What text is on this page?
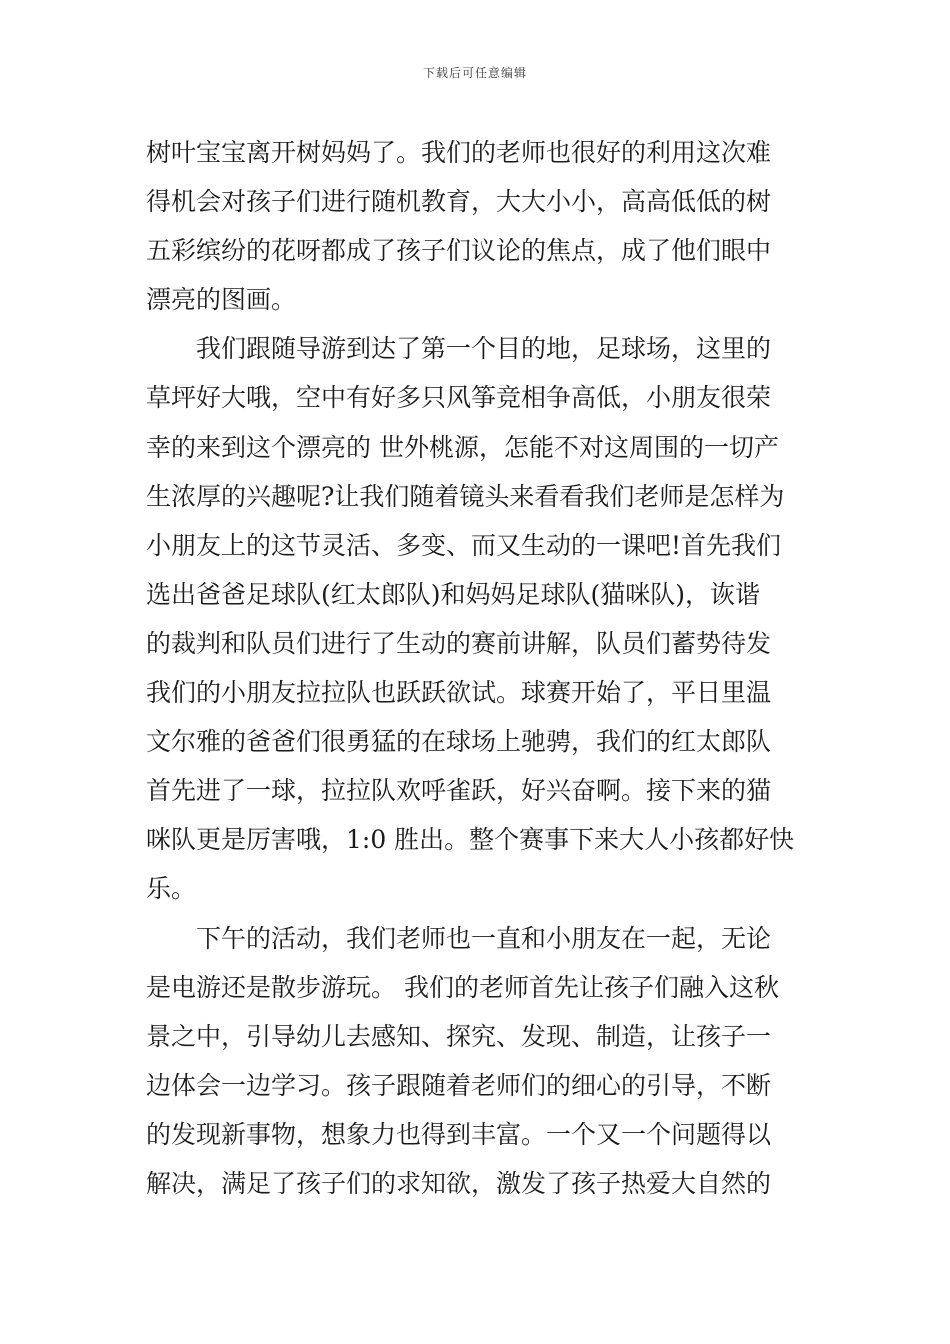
下载后可任意编辑
树叶宝宝离开树妈妈了。我们的老师也很好的利用这次难
得机会对孩子们进行随机教育，大大小小，高高低低的树
五彩缤纷的花呀都成了孩子们议论的焦点，成了他们眼中
漂亮的图画。
　　我们跟随导游到达了第一个目的地，足球场，这里的
草坪好大哦，空中有好多只风筝竞相争高低，小朋友很荣
幸的来到这个漂亮的 世外桃源，怎能不对这周围的一切产
生浓厚的兴趣呢?让我们随着镜头来看看我们老师是怎样为
小朋友上的这节灵活、多变、而又生动的一课吧!首先我们
选出爸爸足球队(红太郎队)和妈妈足球队(猫咪队)，诙谐
的裁判和队员们进行了生动的赛前讲解，队员们蓄势待发
我们的小朋友拉拉队也跃跃欲试。球赛开始了，平日里温
文尔雅的爸爸们很勇猛的在球场上驰骋，我们的红太郎队
首先进了一球，拉拉队欢呼雀跃，好兴奋啊。接下来的猫
咪队更是厉害哦，1:0 胜出。整个赛事下来大人小孩都好快
乐。
　　下午的活动，我们老师也一直和小朋友在一起，无论
是电游还是散步游玩。 我们的老师首先让孩子们融入这秋
景之中，引导幼儿去感知、探究、发现、制造，让孩子一
边体会一边学习。孩子跟随着老师们的细心的引导，不断
的发现新事物，想象力也得到丰富。一个又一个问题得以
解决，满足了孩子们的求知欲，激发了孩子热爱大自然的
